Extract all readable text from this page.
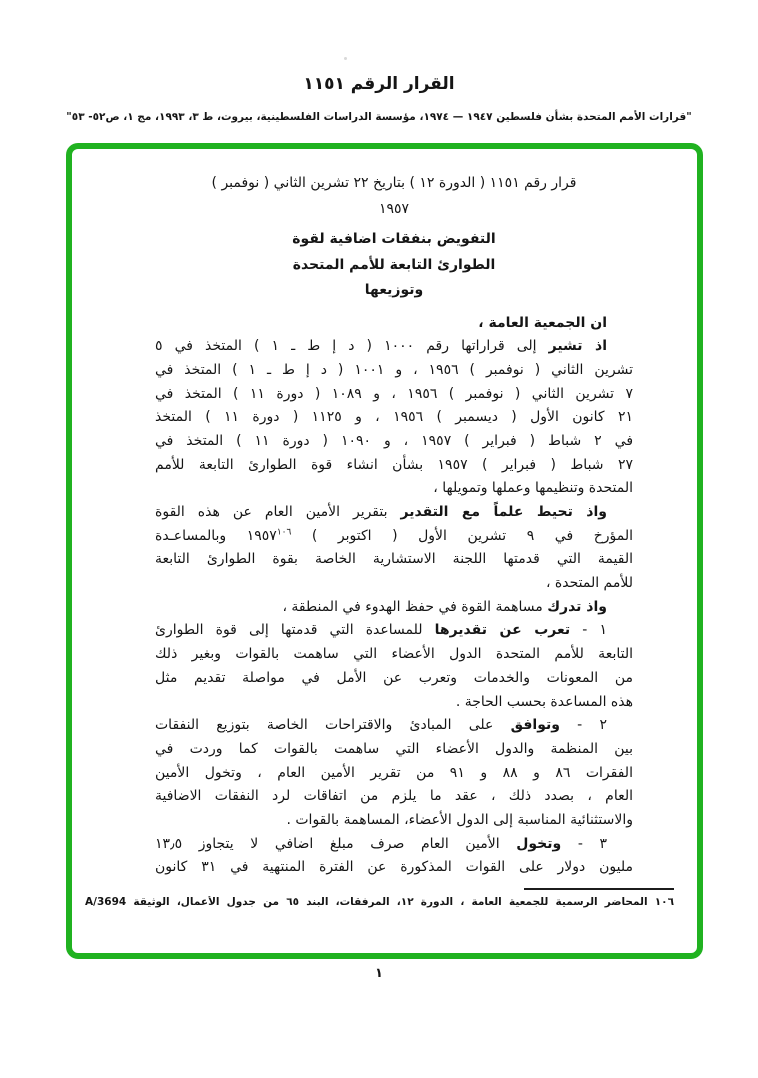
القرار الرقم ١١٥١
"قرارات الأمم المتحدة بشأن فلسطين ١٩٤٧ — ١٩٧٤، مؤسسة الدراسات الفلسطينية، بيروت، ط ٣، ١٩٩٣، مج ١، ص٥٢- ٥٣"
قرار رقم ١١٥١ ( الدورة ١٢ ) بتاريخ ٢٢ تشرين الثاني ( نوفمبر )
١٩٥٧
التفويض بنفقات اضافية لقوة
الطوارئ التابعة للأمم المتحدة
وتوزيعها
ان الجمعية العامة ،
اذ تشير إلى قراراتها رقم ١٠٠٠ ( د إ ط ـ ١ ) المتخذ في ٥
تشرين الثاني ( نوفمبر ) ١٩٥٦ ، و ١٠٠١ ( د إ ط ـ ١ ) المتخذ في
٧ تشرين الثاني ( نوفمبر ) ١٩٥٦ ، و ١٠٨٩ ( دورة ١١ ) المتخذ في
٢١ كانون الأول ( ديسمبر ) ١٩٥٦ ، و ١١٢٥ ( دورة ١١ ) المتخذ
في ٢ شباط ( فبراير ) ١٩٥٧ ، و ١٠٩٠ ( دورة ١١ ) المتخذ في
٢٧ شباط ( فبراير ) ١٩٥٧ بشأن انشاء قوة الطوارئ التابعة للأمم
المتحدة وتنظيمها وعملها وتمويلها ،
واذ تحيط علماً مع التقدير بتقرير الأمين العام عن هذه القوة
المؤرخ في ٩ تشرين الأول ( اكتوبر ) ١٩٥٧$^{١٠٦}$ وبالمساعـدة
القيمة التي قدمتها اللجنة الاستشارية الخاصة بقوة الطوارئ التابعة
للأمم المتحدة ،
واذ تدرك مساهمة القوة في حفظ الهدوء في المنطقة ،
١ - تعرب عن تقديرها للمساعدة التي قدمتها إلى قوة الطوارئ
التابعة للأمم المتحدة الدول الأعضاء التي ساهمت بالقوات وبغير ذلك
من المعونات والخدمات وتعرب عن الأمل في مواصلة تقديم مثل
هذه المساعدة بحسب الحاجة .
٢ - وتوافق على المبادئ والاقتراحات الخاصة بتوزيع النفقات
بين المنظمة والدول الأعضاء التي ساهمت بالقوات كما وردت في
الفقرات ٨٦ و ٨٨ و ٩١ من تقرير الأمين العام ، وتخول الأمين
العام ، بصدد ذلك ، عقد ما يلزم من اتفاقات لرد النفقات الاضافية
والاستثنائية المناسبة إلى الدول الأعضاء، المساهمة بالقوات .
٣ - وتخول الأمين العام صرف مبلغ اضافي لا يتجاوز ١٣٫٥
مليون دولار على القوات المذكورة عن الفترة المنتهية في ٣١ كانون
١٠٦ المحاضر الرسمية للجمعية العامة ، الدورة ١٢، المرفقات، البند ٦٥ من جدول الأعمال، الوثيقة A/3694
١
